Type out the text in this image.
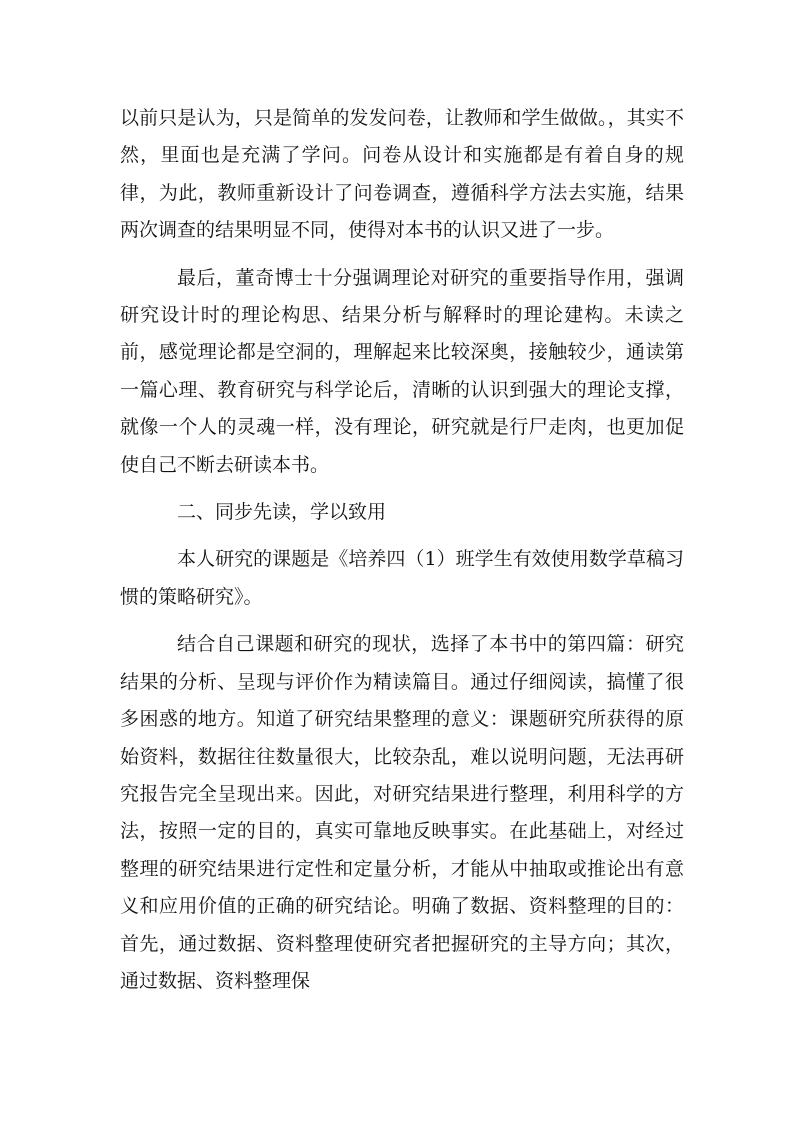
以前只是认为，只是简单的发发问卷，让教师和学生做做。，其实不然，里面也是充满了学问。问卷从设计和实施都是有着自身的规律，为此，教师重新设计了问卷调查，遵循科学方法去实施，结果两次调查的结果明显不同，使得对本书的认识又进了一步。

最后，董奇博士十分强调理论对研究的重要指导作用，强调研究设计时的理论构思、结果分析与解释时的理论建构。未读之前，感觉理论都是空洞的，理解起来比较深奥，接触较少，通读第一篇心理、教育研究与科学论后，清晰的认识到强大的理论支撑，就像一个人的灵魂一样，没有理论，研究就是行尸走肉，也更加促使自己不断去研读本书。

二、同步先读，学以致用

本人研究的课题是《培养四（1）班学生有效使用数学草稿习惯的策略研究》。

结合自己课题和研究的现状，选择了本书中的第四篇：研究结果的分析、呈现与评价作为精读篇目。通过仔细阅读，搞懂了很多困惑的地方。知道了研究结果整理的意义：课题研究所获得的原始资料，数据往往数量很大，比较杂乱，难以说明问题，无法再研究报告完全呈现出来。因此，对研究结果进行整理，利用科学的方法，按照一定的目的，真实可靠地反映事实。在此基础上，对经过整理的研究结果进行定性和定量分析，才能从中抽取或推论出有意义和应用价值的正确的研究结论。明确了数据、资料整理的目的：首先，通过数据、资料整理使研究者把握研究的主导方向；其次，通过数据、资料整理保
